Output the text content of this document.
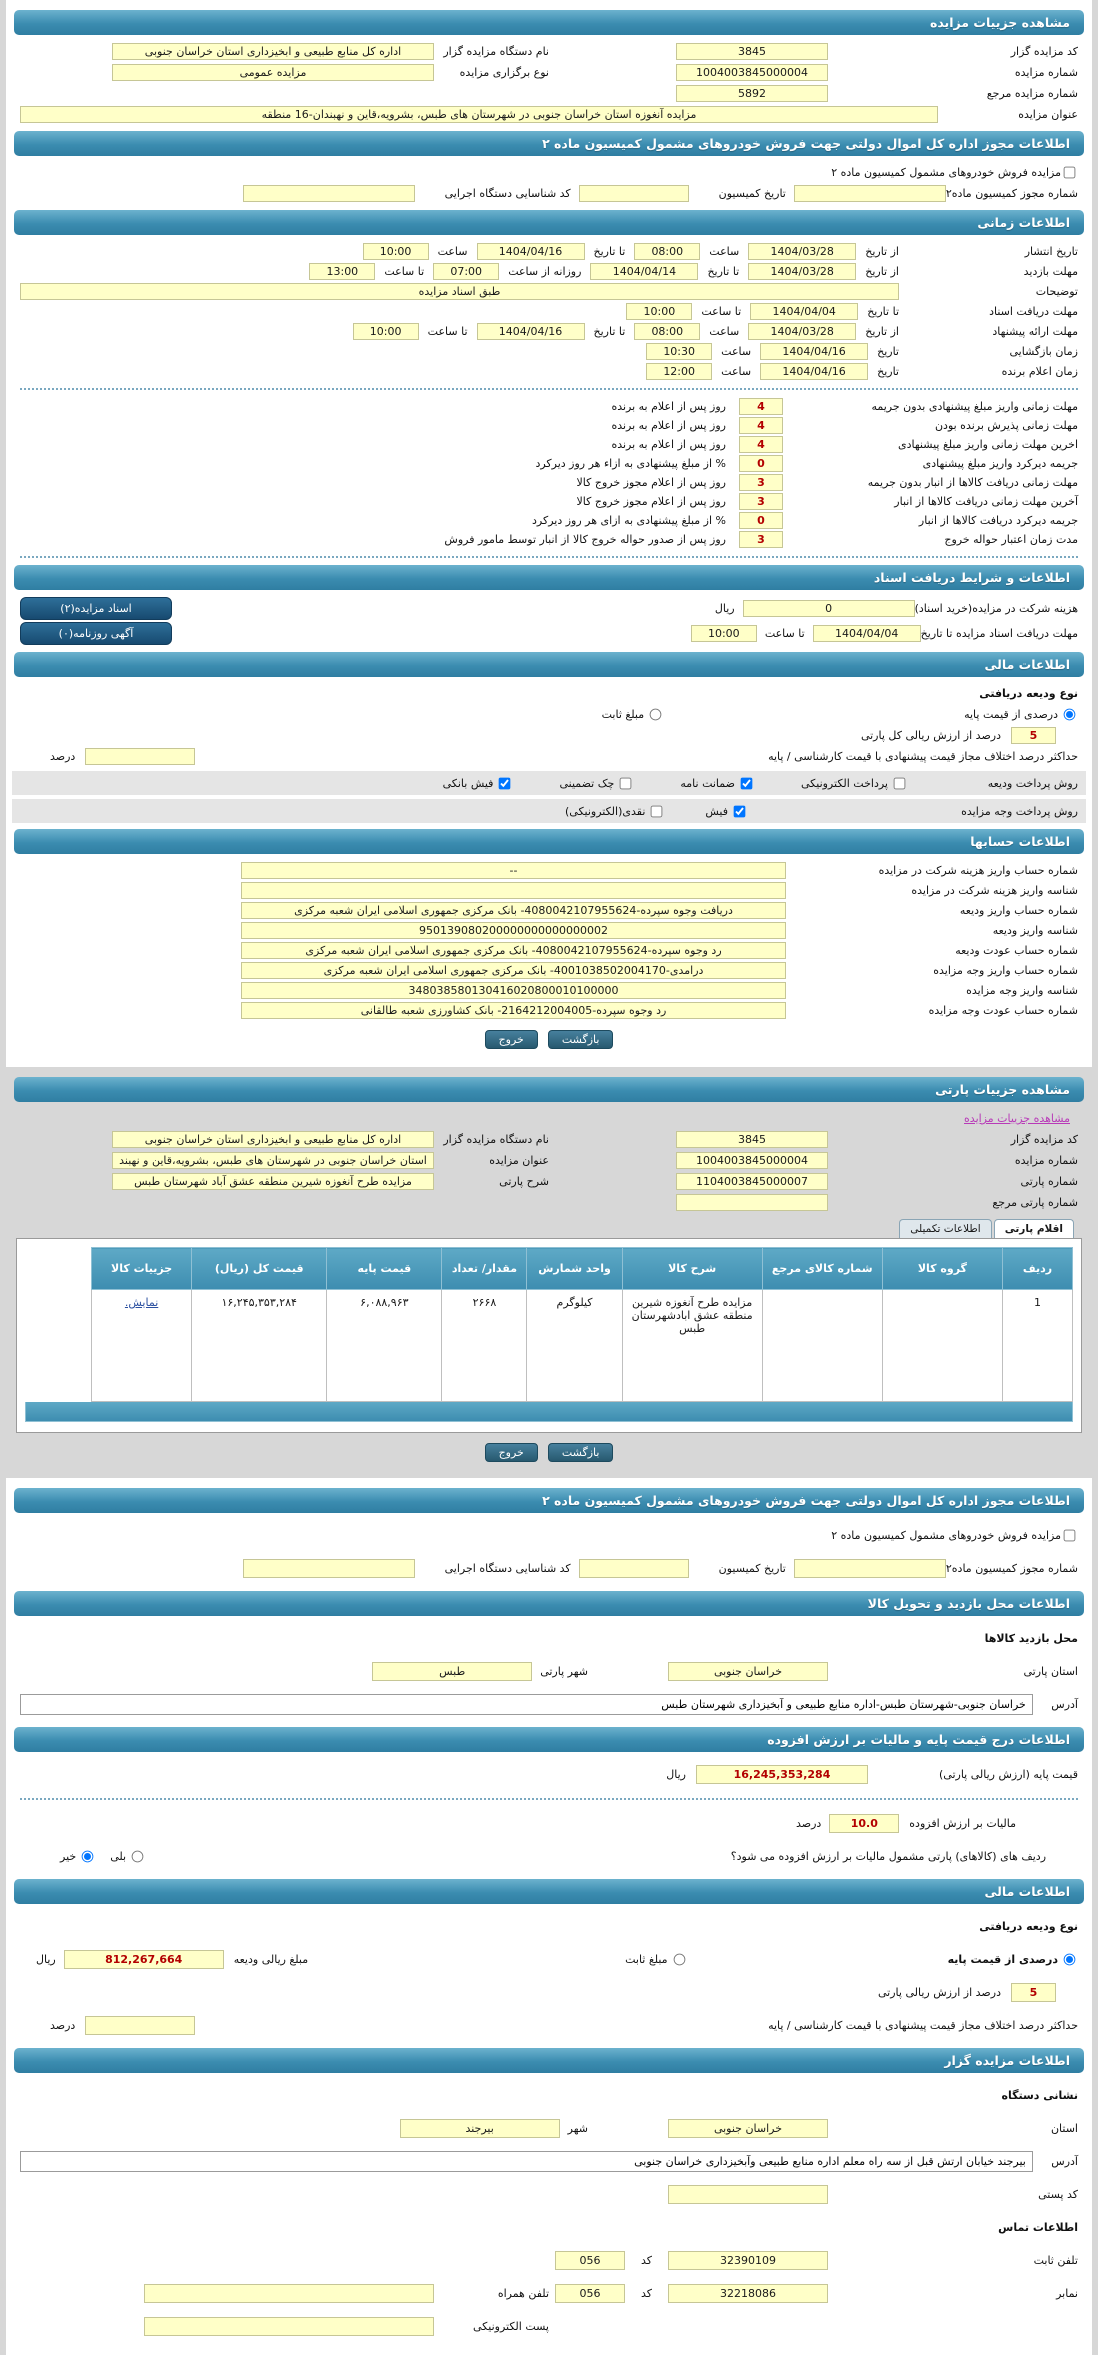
مشاهده جزییات مزایده
کد مزایده گزار
3845
نام دستگاه مزایده گزار
اداره کل منابع طبیعی و ابخیزداری استان خراسان جنوبی
شماره مزایده
1004003845000004
نوع برگزاری مزایده
مزایده عمومی
شماره مزایده مرجع
5892
عنوان مزایده
مزایده آنغوزه استان خراسان جنوبی در شهرستان های طبس، بشرویه،قاین و نهبندان-16 منطقه
اطلاعات مجوز اداره کل اموال دولتی جهت فروش خودروهای مشمول کمیسیون ماده ۲
مزایده فروش خودروهای مشمول کمیسیون ماده ۲
شماره مجوز کمیسیون ماده۲
تاریخ کمیسیون
کد شناسایی دستگاه اجرایی
اطلاعات زمانی
تاریخ انتشار
از تاریخ
1404/03/28
ساعت
08:00
تا تاریخ
1404/04/16
ساعت
10:00
مهلت بازدید
از تاریخ
1404/03/28
تا تاریخ
1404/04/14
روزانه از ساعت
07:00
تا ساعت
13:00
توضیحات
طبق اسناد مزایده
مهلت دریافت اسناد
تا تاریخ
1404/04/04
تا ساعت
10:00
مهلت ارائه پیشنهاد
از تاریخ
1404/03/28
ساعت
08:00
تا تاریخ
1404/04/16
تا ساعت
10:00
زمان بازگشایی
تاریخ
1404/04/16
ساعت
10:30
زمان اعلام برنده
تاریخ
1404/04/16
ساعت
12:00
مهلت زمانی واریز مبلغ پیشنهادی بدون جریمه
4
روز پس از اعلام به برنده
مهلت زمانی پذیرش برنده بودن
4
روز پس از اعلام به برنده
اخرین مهلت زمانی واریز مبلغ پیشنهادی
4
روز پس از اعلام به برنده
جریمه دیرکرد واریز مبلغ پیشنهادی
0
% از مبلغ پیشنهادی به ازاء هر روز دیرکرد
مهلت زمانی دریافت کالاها از انبار بدون جریمه
3
روز پس از اعلام مجوز خروج کالا
آخرین مهلت زمانی دریافت کالاها از انبار
3
روز پس از اعلام مجوز خروج کالا
جریمه دیرکرد دریافت کالاها از انبار
0
% از مبلغ پیشنهادی به ازای هر روز دیرکرد
مدت زمان اعتبار حواله خروج
3
روز پس از صدور حواله خروج کالا از انبار توسط مامور فروش
اطلاعات و شرایط دریافت اسناد
هزینه شرکت در مزایده(خرید اسناد)
0
ریال
اسناد مزایده(۲)
مهلت دریافت اسناد مزایده تا تاریخ
1404/04/04
تا ساعت
10:00
آگهی روزنامه(۰)
اطلاعات مالی
نوع ودیعه دریافتی
درصدی از قیمت پایه
مبلغ ثابت
5
درصد از ارزش ریالی کل پارتی
حداکثر درصد اختلاف مجاز قیمت پیشنهادی با قیمت کارشناسی / پایه
درصد
روش پرداخت ودیعه
پرداخت الکترونیکی
ضمانت نامه
چک تضمینی
فیش بانکی
روش پرداخت وجه مزایده
فیش
نقدی(الکترونیکی)
اطلاعات حسابها
شماره حساب واریز هزینه شرکت در مزایده
--
شناسه واریز هزینه شرکت در مزایده
شماره حساب واریز ودیعه
دریافت وجوه سپرده-4080042107955624- بانک مرکزی جمهوری اسلامی ایران شعبه مرکزی
شناسه واریز ودیعه
950139080200000000000000002
شماره حساب عودت ودیعه
رد وجوه سپرده-4080042107955624- بانک مرکزی جمهوری اسلامی ایران شعبه مرکزی
شماره حساب واریز وجه مزایده
درامدی-4001038502004170- بانک مرکزی جمهوری اسلامی ایران شعبه مرکزی
شناسه واریز وجه مزایده
348038580130416020800010100000
شماره حساب عودت وجه مزایده
رد وجوه سپرده-2164212004005- بانک کشاورزی شعبه طالقانی
بازگشت
خروج
مشاهده جزییات پارتی
مشاهده جزییات مزایده
کد مزایده گزار
3845
نام دستگاه مزایده گزار
اداره کل منابع طبیعی و ابخیزداری استان خراسان جنوبی
شماره مزایده
1004003845000004
عنوان مزایده
استان خراسان جنوبی در شهرستان های طبس، بشرویه،قاین و نهبند
شماره پارتی
1104003845000007
شرح پارتی
مزایده طرح آنغوزه شیرین منطقه عشق آباد شهرستان طبس
شماره پارتی مرجع
اقلام پارتی
اطلاعات تکمیلی
ردیف	گروه کالا	شماره کالای مرجع	شرح کالا	واحد شمارش	مقدار/ تعداد	قیمت پایه	قیمت کل (ریال)	جزییات کالا
1			مزایده طرح آنغوزه شیرین منطقه عشق ابادشهرستان طبس	کیلوگرم	۲۶۶۸	۶,۰۸۸,۹۶۳	۱۶,۲۴۵,۳۵۳,۲۸۴	نمایش.
بازگشت
خروج
اطلاعات مجوز اداره کل اموال دولتی جهت فروش خودروهای مشمول کمیسیون ماده ۲
مزایده فروش خودروهای مشمول کمیسیون ماده ۲
شماره مجوز کمیسیون ماده۲
تاریخ کمیسیون
کد شناسایی دستگاه اجرایی
اطلاعات محل بازدید و تحویل کالا
محل بازدید کالاها
استان پارتی
خراسان جنوبی
شهر پارتی
طبس
آدرس
خراسان جنوبی-شهرستان طبس-اداره منابع طبیعی و آبخیزداری شهرستان طبس
اطلاعات درج قیمت پایه و مالیات بر ارزش افزوده
قیمت پایه (ارزش ریالی پارتی)
16,245,353,284
ریال
مالیات بر ارزش افزوده
10.0
درصد
ردیف های (کالاهای) پارتی مشمول مالیات بر ارزش افزوده می شود؟
بلی
خیر
اطلاعات مالی
نوع ودیعه دریافتی
درصدی از قیمت پایه
مبلغ ثابت
مبلغ ریالی ودیعه
812,267,664
ریال
5
درصد از ارزش ریالی پارتی
حداکثر درصد اختلاف مجاز قیمت پیشنهادی با قیمت کارشناسی / پایه
درصد
اطلاعات مزایده گزار
نشانی دستگاه
استان
خراسان جنوبی
شهر
بیرجند
آدرس
بیرجند خیابان ارتش قبل از سه راه معلم اداره منابع طبیعی وآبخیزداری خراسان جنوبی
کد پستی
اطلاعات تماس
تلفن ثابت
32390109
کد
056
نمابر
32218086
کد
056
تلفن همراه
پست الکترونیکی
